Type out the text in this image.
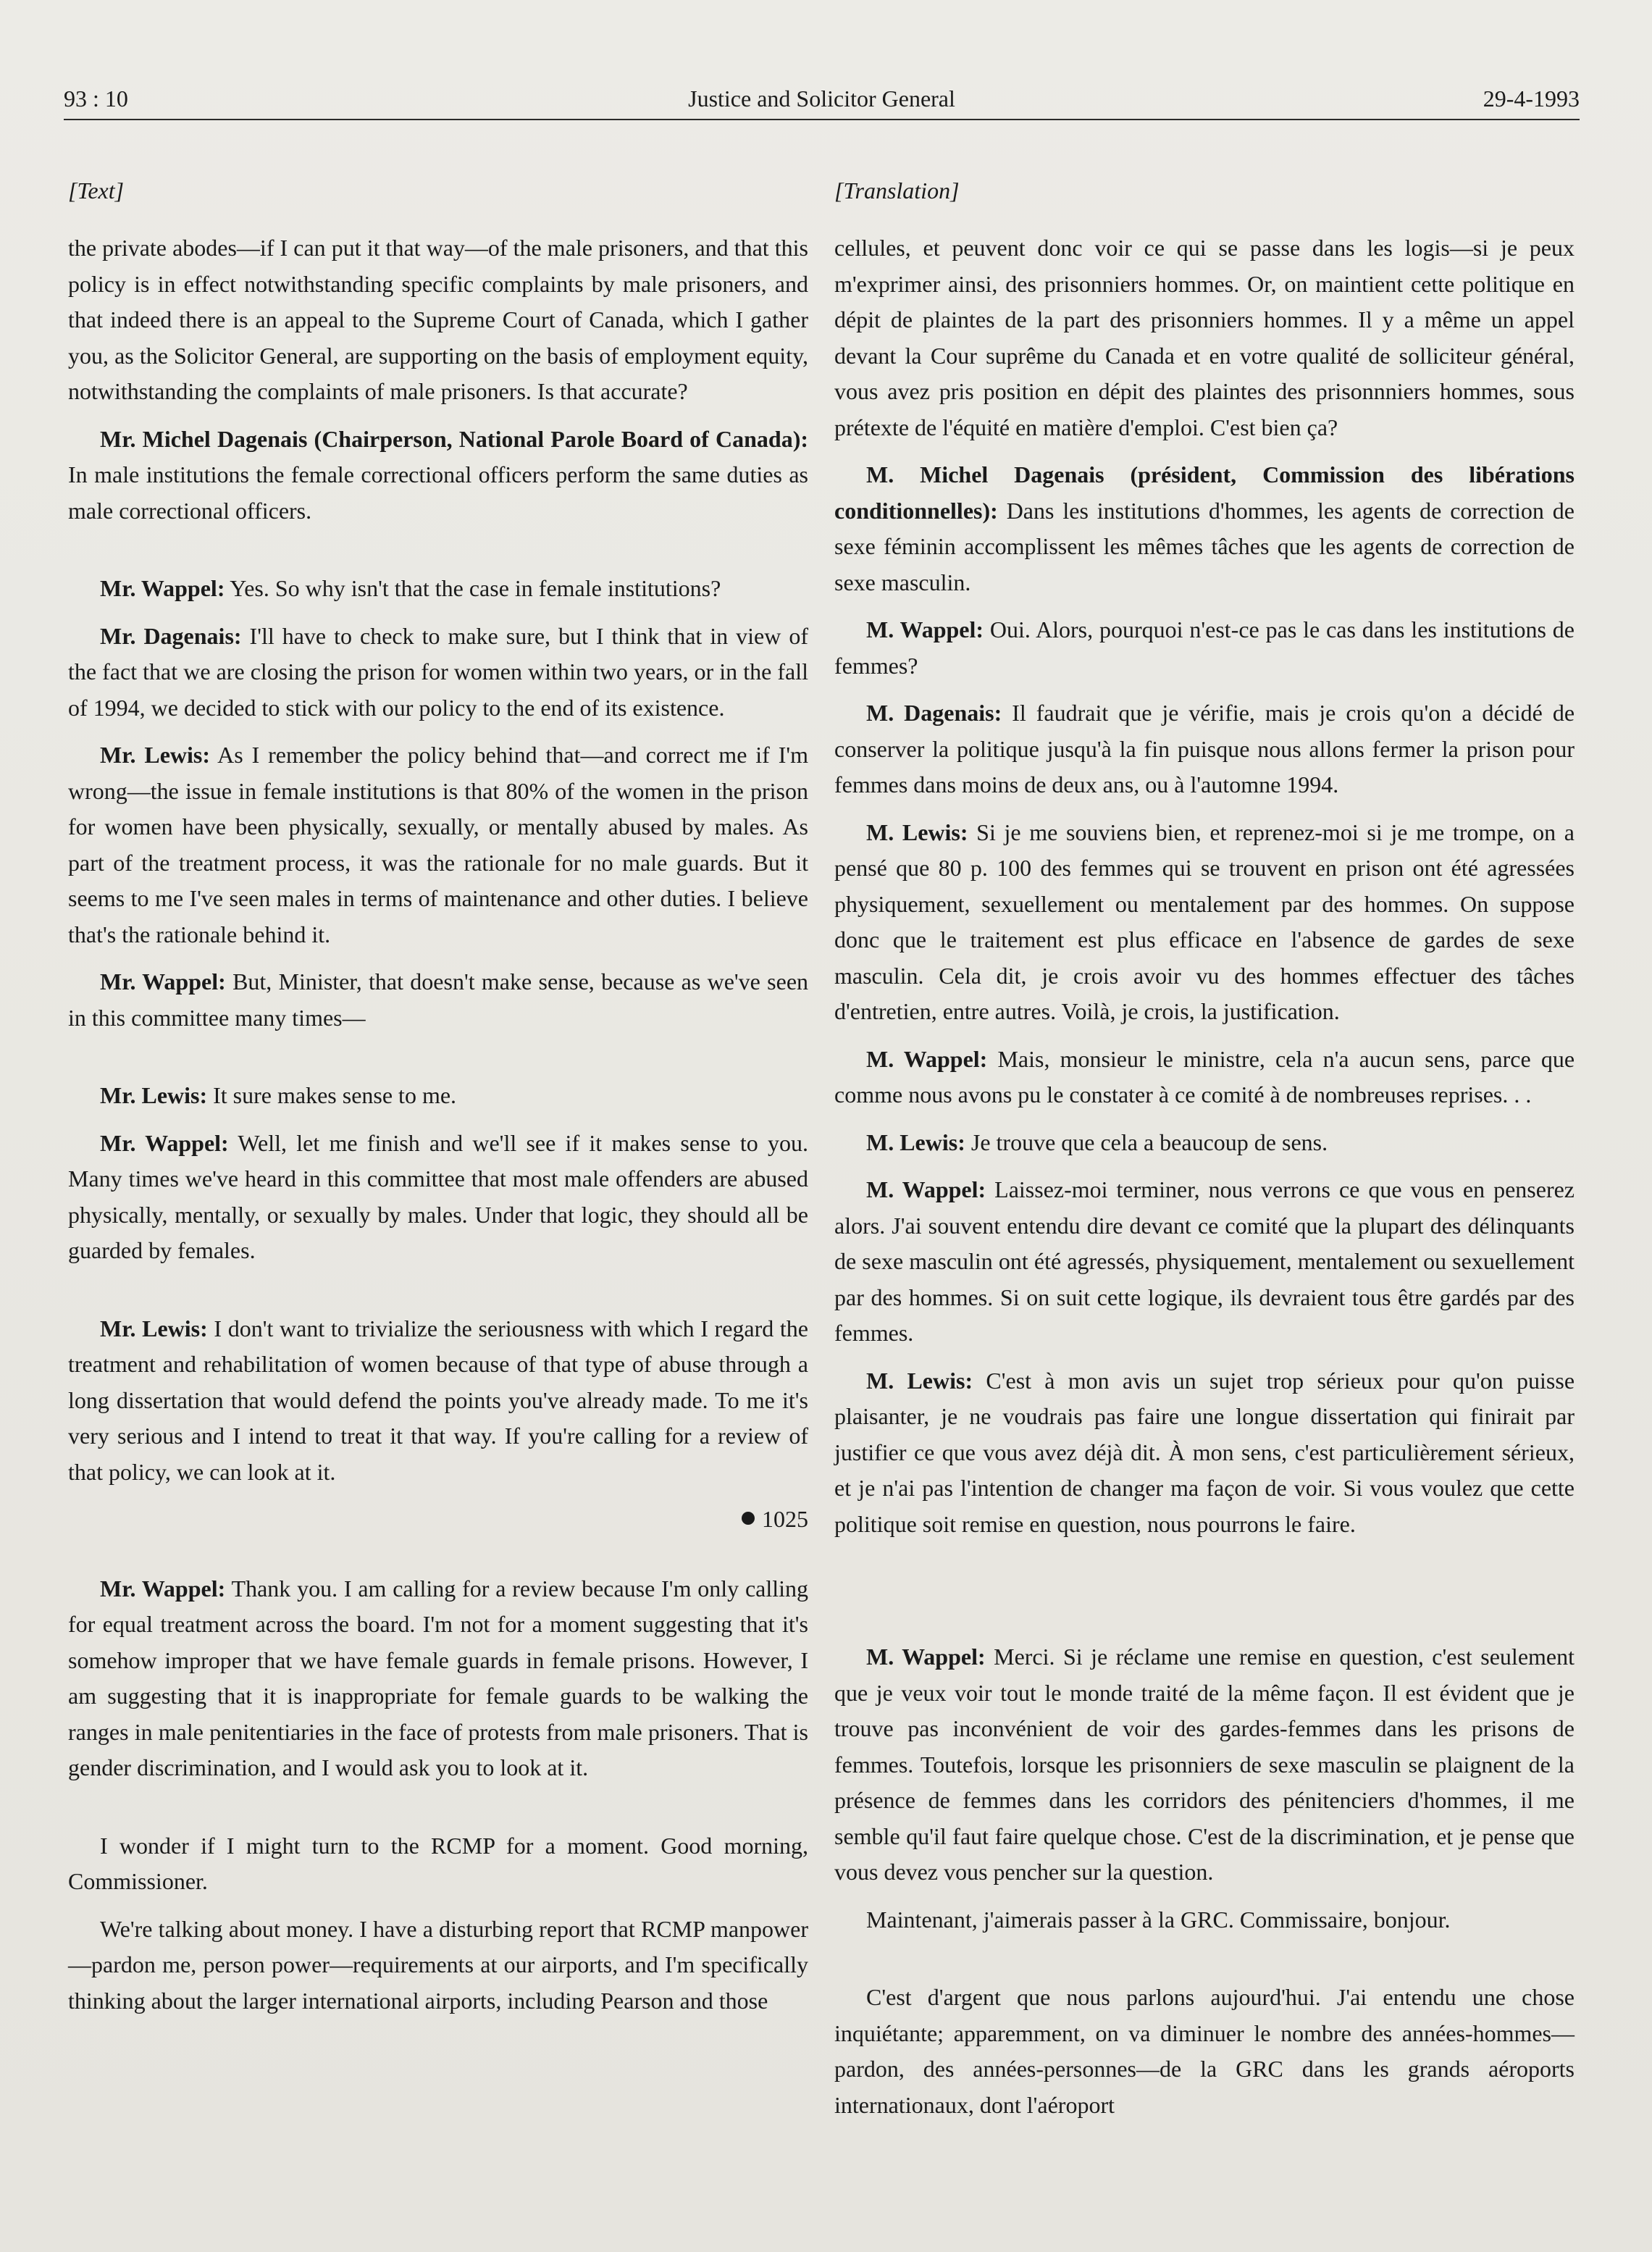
93 : 10	Justice and Solicitor General	29-4-1993
[Text]

the private abodes—if I can put it that way—of the male prisoners, and that this policy is in effect notwithstanding specific complaints by male prisoners, and that indeed there is an appeal to the Supreme Court of Canada, which I gather you, as the Solicitor General, are supporting on the basis of employment equity, notwithstanding the complaints of male prisoners. Is that accurate?

Mr. Michel Dagenais (Chairperson, National Parole Board of Canada): In male institutions the female correctional officers perform the same duties as male correctional officers.

Mr. Wappel: Yes. So why isn't that the case in female institutions?

Mr. Dagenais: I'll have to check to make sure, but I think that in view of the fact that we are closing the prison for women within two years, or in the fall of 1994, we decided to stick with our policy to the end of its existence.

Mr. Lewis: As I remember the policy behind that—and correct me if I'm wrong—the issue in female institutions is that 80% of the women in the prison for women have been physically, sexually, or mentally abused by males. As part of the treatment process, it was the rationale for no male guards. But it seems to me I've seen males in terms of maintenance and other duties. I believe that's the rationale behind it.

Mr. Wappel: But, Minister, that doesn't make sense, because as we've seen in this committee many times—

Mr. Lewis: It sure makes sense to me.

Mr. Wappel: Well, let me finish and we'll see if it makes sense to you. Many times we've heard in this committee that most male offenders are abused physically, mentally, or sexually by males. Under that logic, they should all be guarded by females.

Mr. Lewis: I don't want to trivialize the seriousness with which I regard the treatment and rehabilitation of women because of that type of abuse through a long dissertation that would defend the points you've already made. To me it's very serious and I intend to treat it that way. If you're calling for a review of that policy, we can look at it.

1025

Mr. Wappel: Thank you. I am calling for a review because I'm only calling for equal treatment across the board. I'm not for a moment suggesting that it's somehow improper that we have female guards in female prisons. However, I am suggesting that it is inappropriate for female guards to be walking the ranges in male penitentiaries in the face of protests from male prisoners. That is gender discrimination, and I would ask you to look at it.

I wonder if I might turn to the RCMP for a moment. Good morning, Commissioner.

We're talking about money. I have a disturbing report that RCMP manpower—pardon me, person power—requirements at our airports, and I'm specifically thinking about the larger international airports, including Pearson and those

[Translation]

cellules, et peuvent donc voir ce qui se passe dans les logis—si je peux m'exprimer ainsi, des prisonniers hommes. Or, on maintient cette politique en dépit de plaintes de la part des prisonniers hommes. Il y a même un appel devant la Cour suprême du Canada et en votre qualité de solliciteur général, vous avez pris position en dépit des plaintes des prisonnniers hommes, sous prétexte de l'équité en matière d'emploi. C'est bien ça?

M. Michel Dagenais (président, Commission des libérations conditionnelles): Dans les institutions d'hommes, les agents de correction de sexe féminin accomplissent les mêmes tâches que les agents de correction de sexe masculin.

M. Wappel: Oui. Alors, pourquoi n'est-ce pas le cas dans les institutions de femmes?

M. Dagenais: Il faudrait que je vérifie, mais je crois qu'on a décidé de conserver la politique jusqu'à la fin puisque nous allons fermer la prison pour femmes dans moins de deux ans, ou à l'automne 1994.

M. Lewis: Si je me souviens bien, et reprenez-moi si je me trompe, on a pensé que 80 p. 100 des femmes qui se trouvent en prison ont été agressées physiquement, sexuellement ou mentalement par des hommes. On suppose donc que le traitement est plus efficace en l'absence de gardes de sexe masculin. Cela dit, je crois avoir vu des hommes effectuer des tâches d'entretien, entre autres. Voilà, je crois, la justification.

M. Wappel: Mais, monsieur le ministre, cela n'a aucun sens, parce que comme nous avons pu le constater à ce comité à de nombreuses reprises. . .

M. Lewis: Je trouve que cela a beaucoup de sens.

M. Wappel: Laissez-moi terminer, nous verrons ce que vous en penserez alors. J'ai souvent entendu dire devant ce comité que la plupart des délinquants de sexe masculin ont été agressés, physiquement, mentalement ou sexuellement par des hommes. Si on suit cette logique, ils devraient tous être gardés par des femmes.

M. Lewis: C'est à mon avis un sujet trop sérieux pour qu'on puisse plaisanter, je ne voudrais pas faire une longue dissertation qui finirait par justifier ce que vous avez déjà dit. À mon sens, c'est particulièrement sérieux, et je n'ai pas l'intention de changer ma façon de voir. Si vous voulez que cette politique soit remise en question, nous pourrons le faire.

M. Wappel: Merci. Si je réclame une remise en question, c'est seulement que je veux voir tout le monde traité de la même façon. Il est évident que je trouve pas inconvénient de voir des gardes-femmes dans les prisons de femmes. Toutefois, lorsque les prisonniers de sexe masculin se plaignent de la présence de femmes dans les corridors des pénitenciers d'hommes, il me semble qu'il faut faire quelque chose. C'est de la discrimination, et je pense que vous devez vous pencher sur la question.

Maintenant, j'aimerais passer à la GRC. Commissaire, bonjour.

C'est d'argent que nous parlons aujourd'hui. J'ai entendu une chose inquiétante; apparemment, on va diminuer le nombre des années-hommes—pardon, des années-personnes—de la GRC dans les grands aéroports internationaux, dont l'aéroport
